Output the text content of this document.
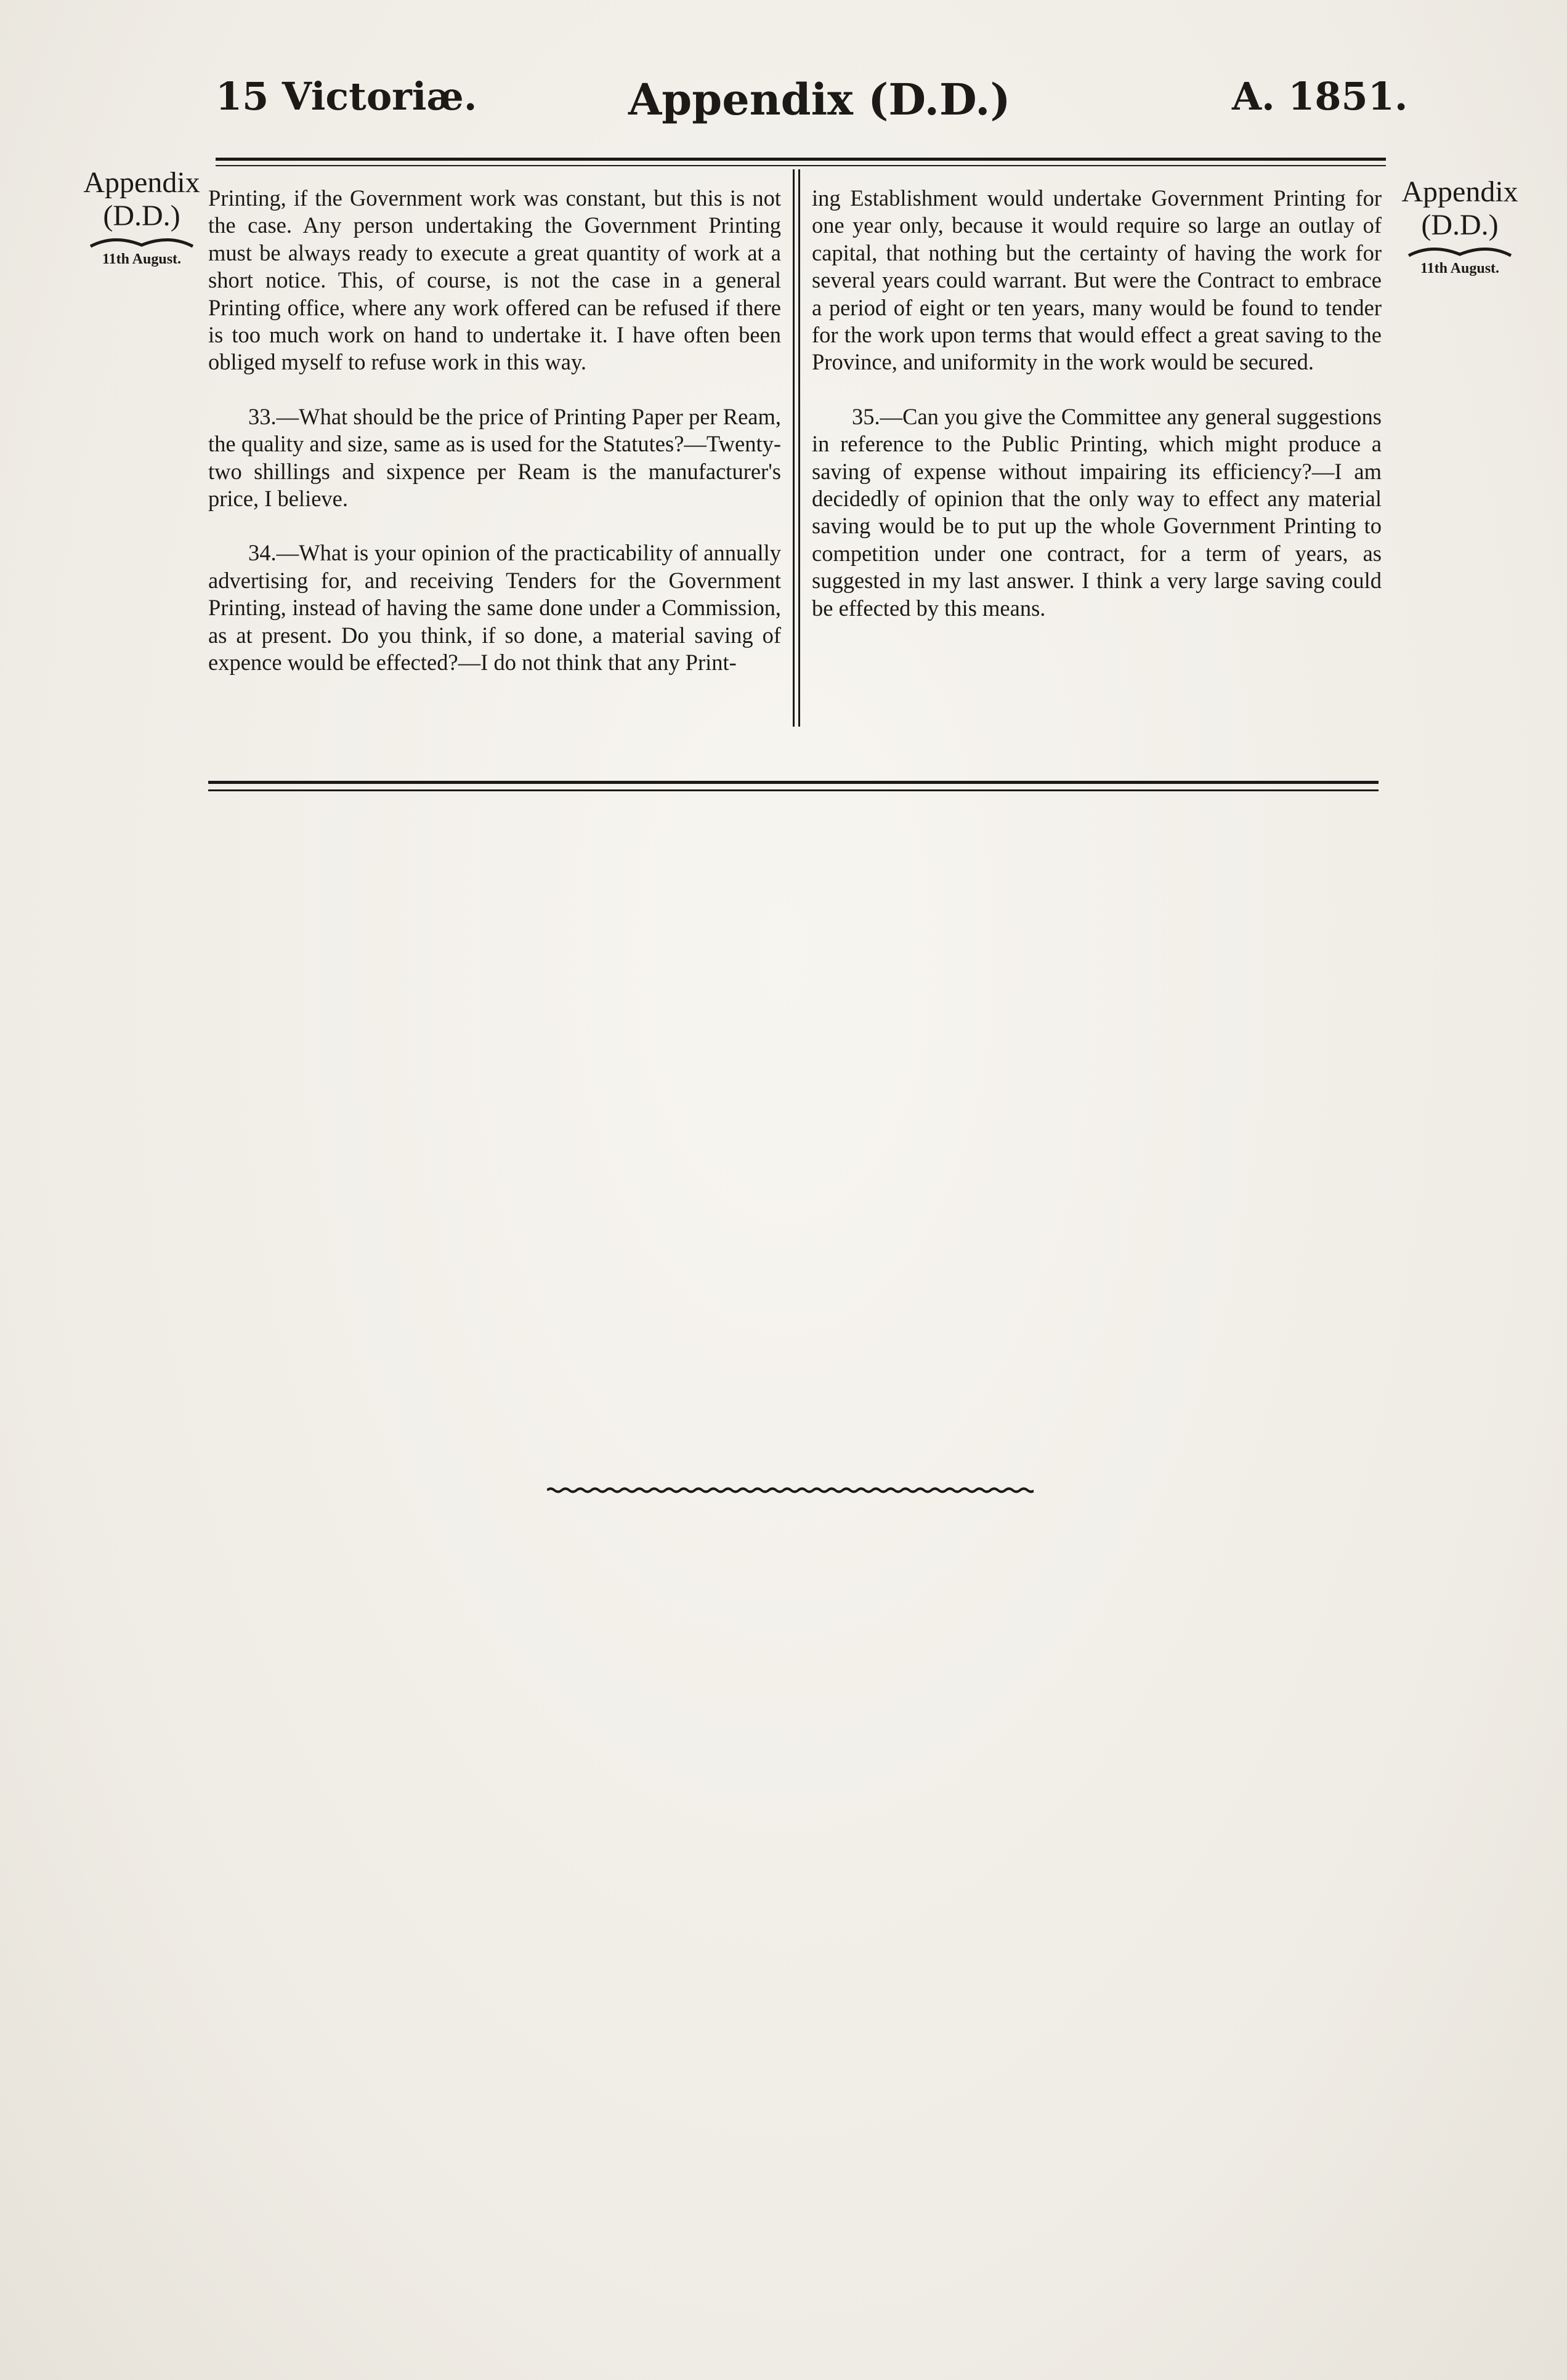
15 Victoriæ.	Appendix (D.D.)	A. 1851.
Appendix
(D.D.)
11th August.
Appendix
(D.D.)
11th August.

Printing, if the Government work was constant, but this is not the case. Any person undertaking the Government Printing must be always ready to execute a great quantity of work at a short notice. This, of course, is not the case in a general Printing office, where any work offered can be refused if there is too much work on hand to undertake it. I have often been obliged myself to refuse work in this way.

33.—What should be the price of Printing Paper per Ream, the quality and size, same as is used for the Statutes?—Twenty-two shillings and sixpence per Ream is the manufacturer's price, I believe.

34.—What is your opinion of the practicability of annually advertising for, and receiving Tenders for the Government Printing, instead of having the same done under a Commission, as at present. Do you think, if so done, a material saving of expence would be effected?—I do not think that any Print-

ing Establishment would undertake Government Printing for one year only, because it would require so large an outlay of capital, that nothing but the certainty of having the work for several years could warrant. But were the Contract to embrace a period of eight or ten years, many would be found to tender for the work upon terms that would effect a great saving to the Province, and uniformity in the work would be secured.

35.—Can you give the Committee any general suggestions in reference to the Public Printing, which might produce a saving of expense without impairing its efficiency?—I am decidedly of opinion that the only way to effect any material saving would be to put up the whole Government Printing to competition under one contract, for a term of years, as suggested in my last answer. I think a very large saving could be effected by this means.
